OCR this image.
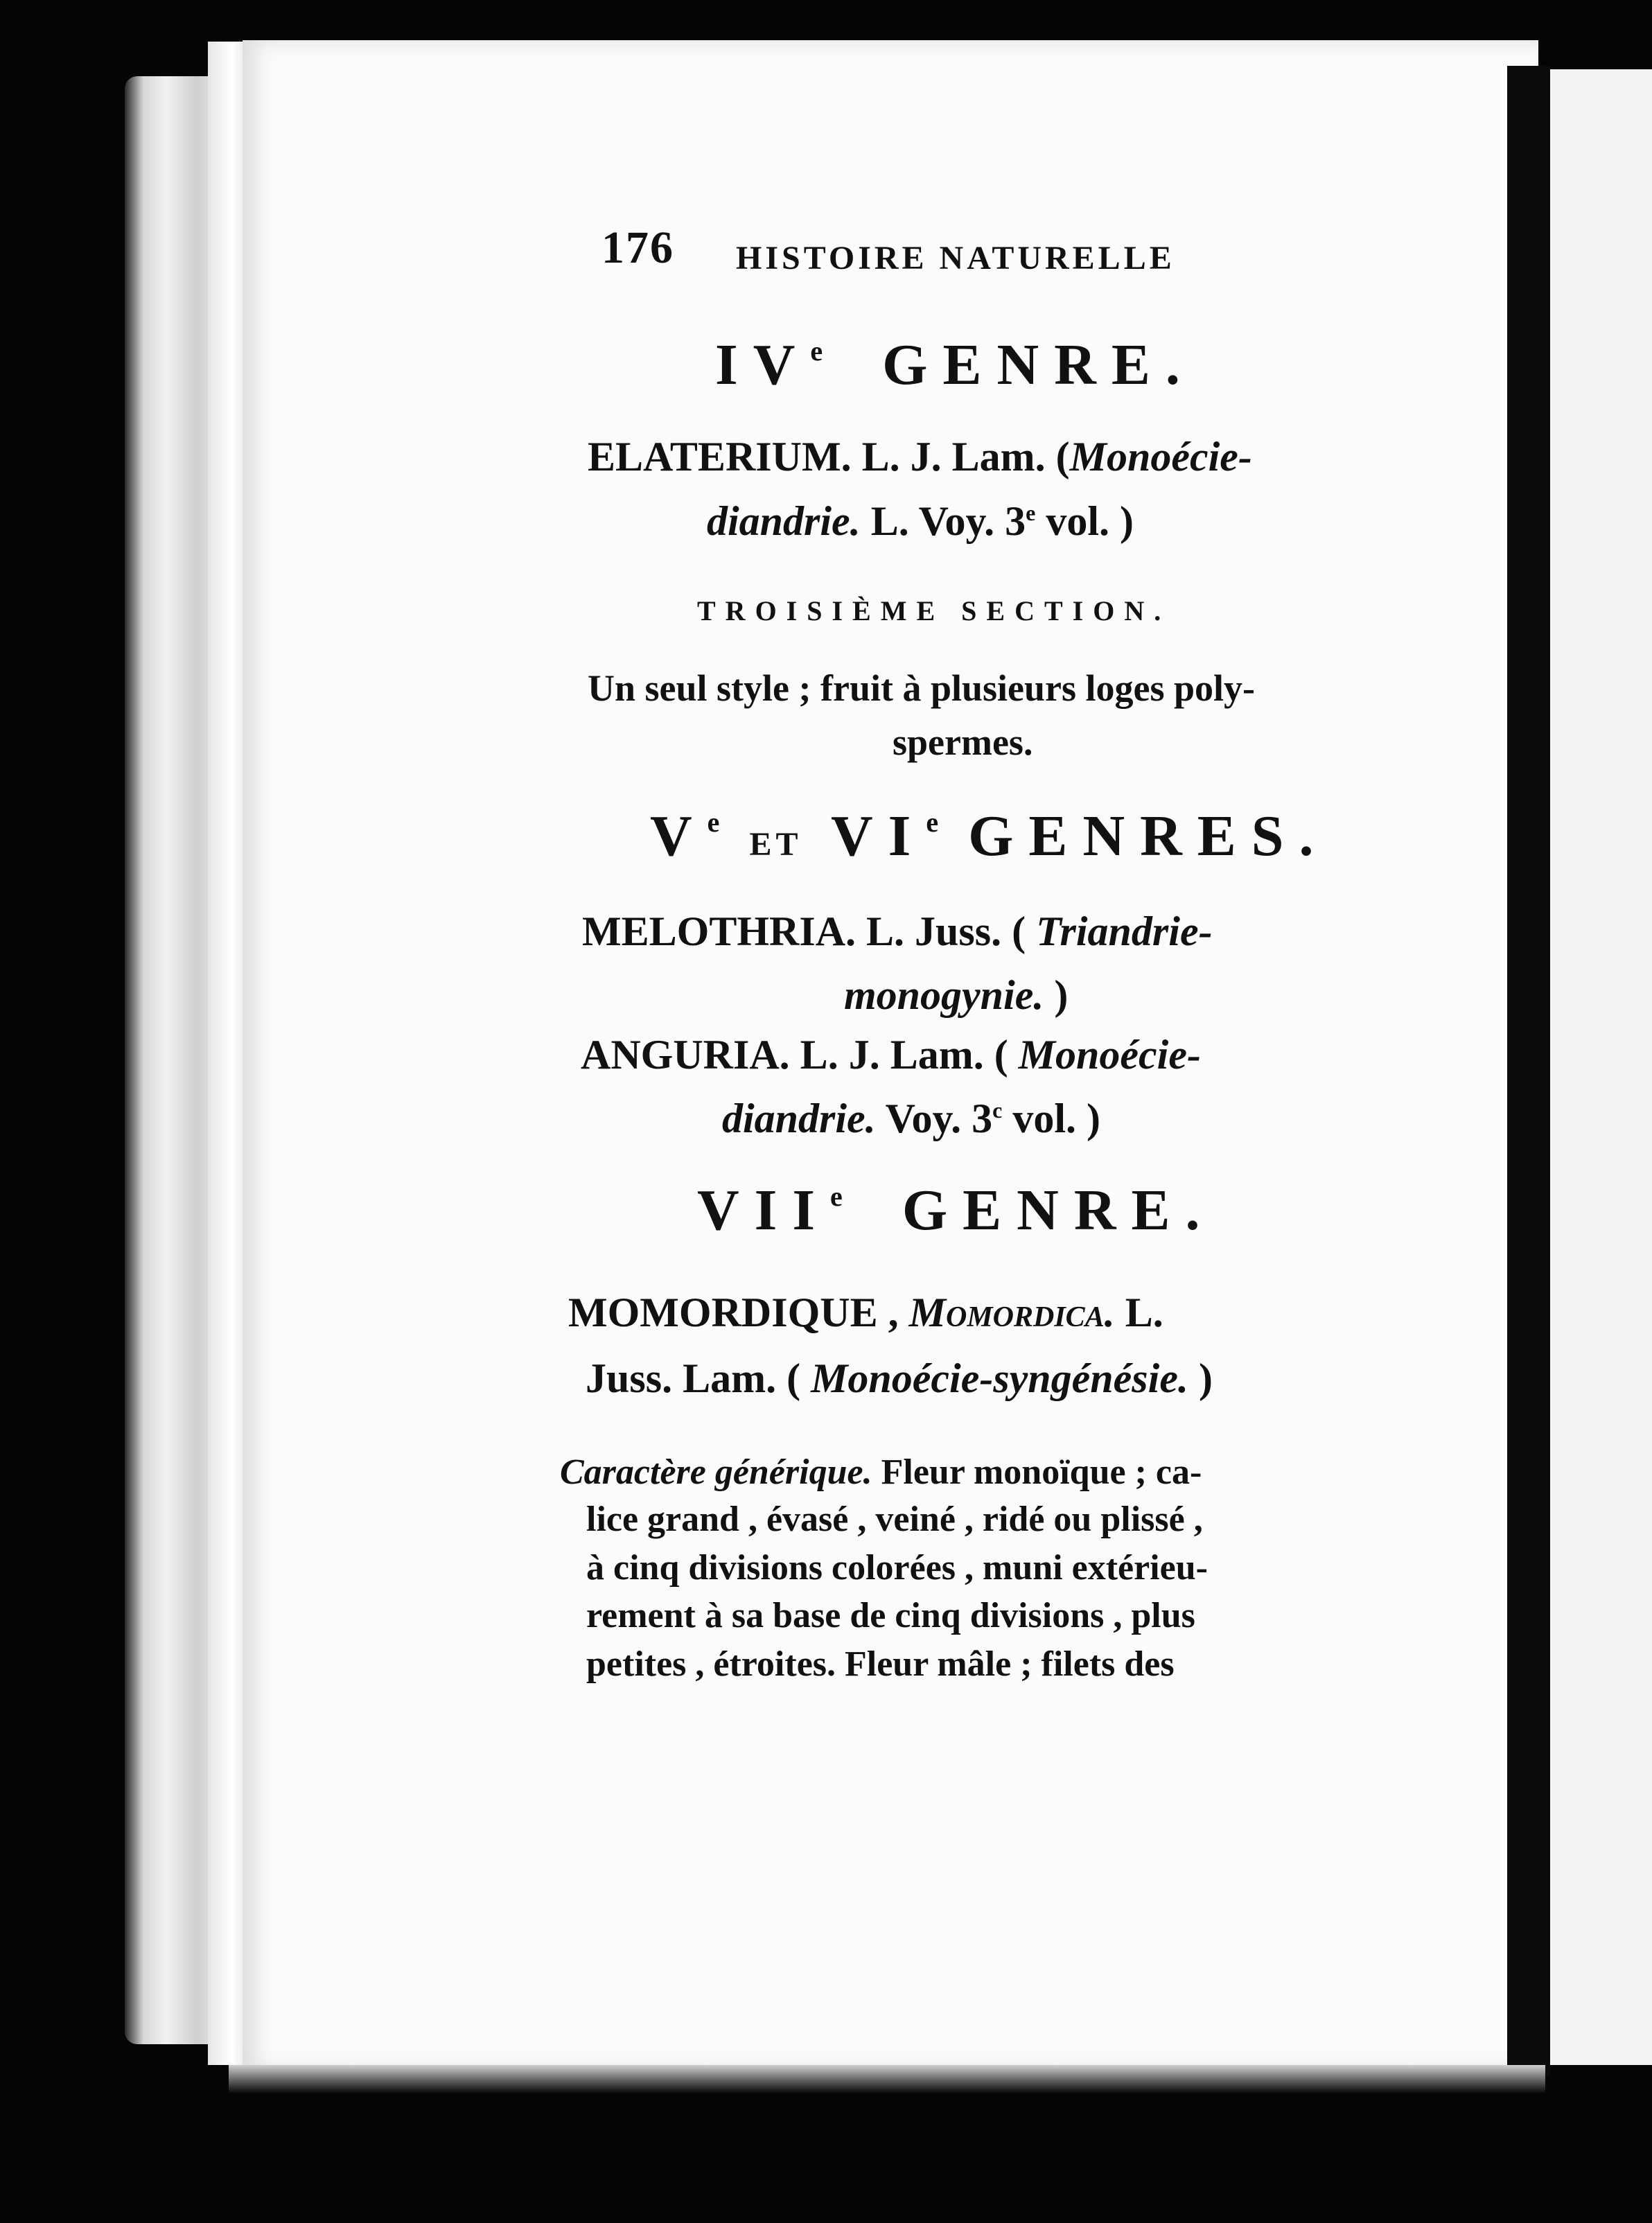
176 HISTOIRE NATURELLE

IVe GENRE.

ELATERIUM. L. J. Lam. (Monoécie-

diandrie. L. Voy. 3e vol. )

TROISIÈME SECTION.

Un seul style ; fruit à plusieurs loges poly-

spermes.

Ve ET VIe GENRES.

MELOTHRIA. L. Juss. ( Triandrie-

monogynie. )

ANGURIA. L. J. Lam. ( Monoécie-

diandrie. Voy. 3$^c$ vol. )

VIIe GENRE.

MOMORDIQUE , Momordica. L.

Juss. Lam. ( Monoécie-syngénésie. )

Caractère générique. Fleur monoïque ; ca-

lice grand , évasé , veiné , ridé ou plissé ,

à cinq divisions colorées , muni extérieu-

rement à sa base de cinq divisions , plus

petites , étroites. Fleur mâle ; filets des
